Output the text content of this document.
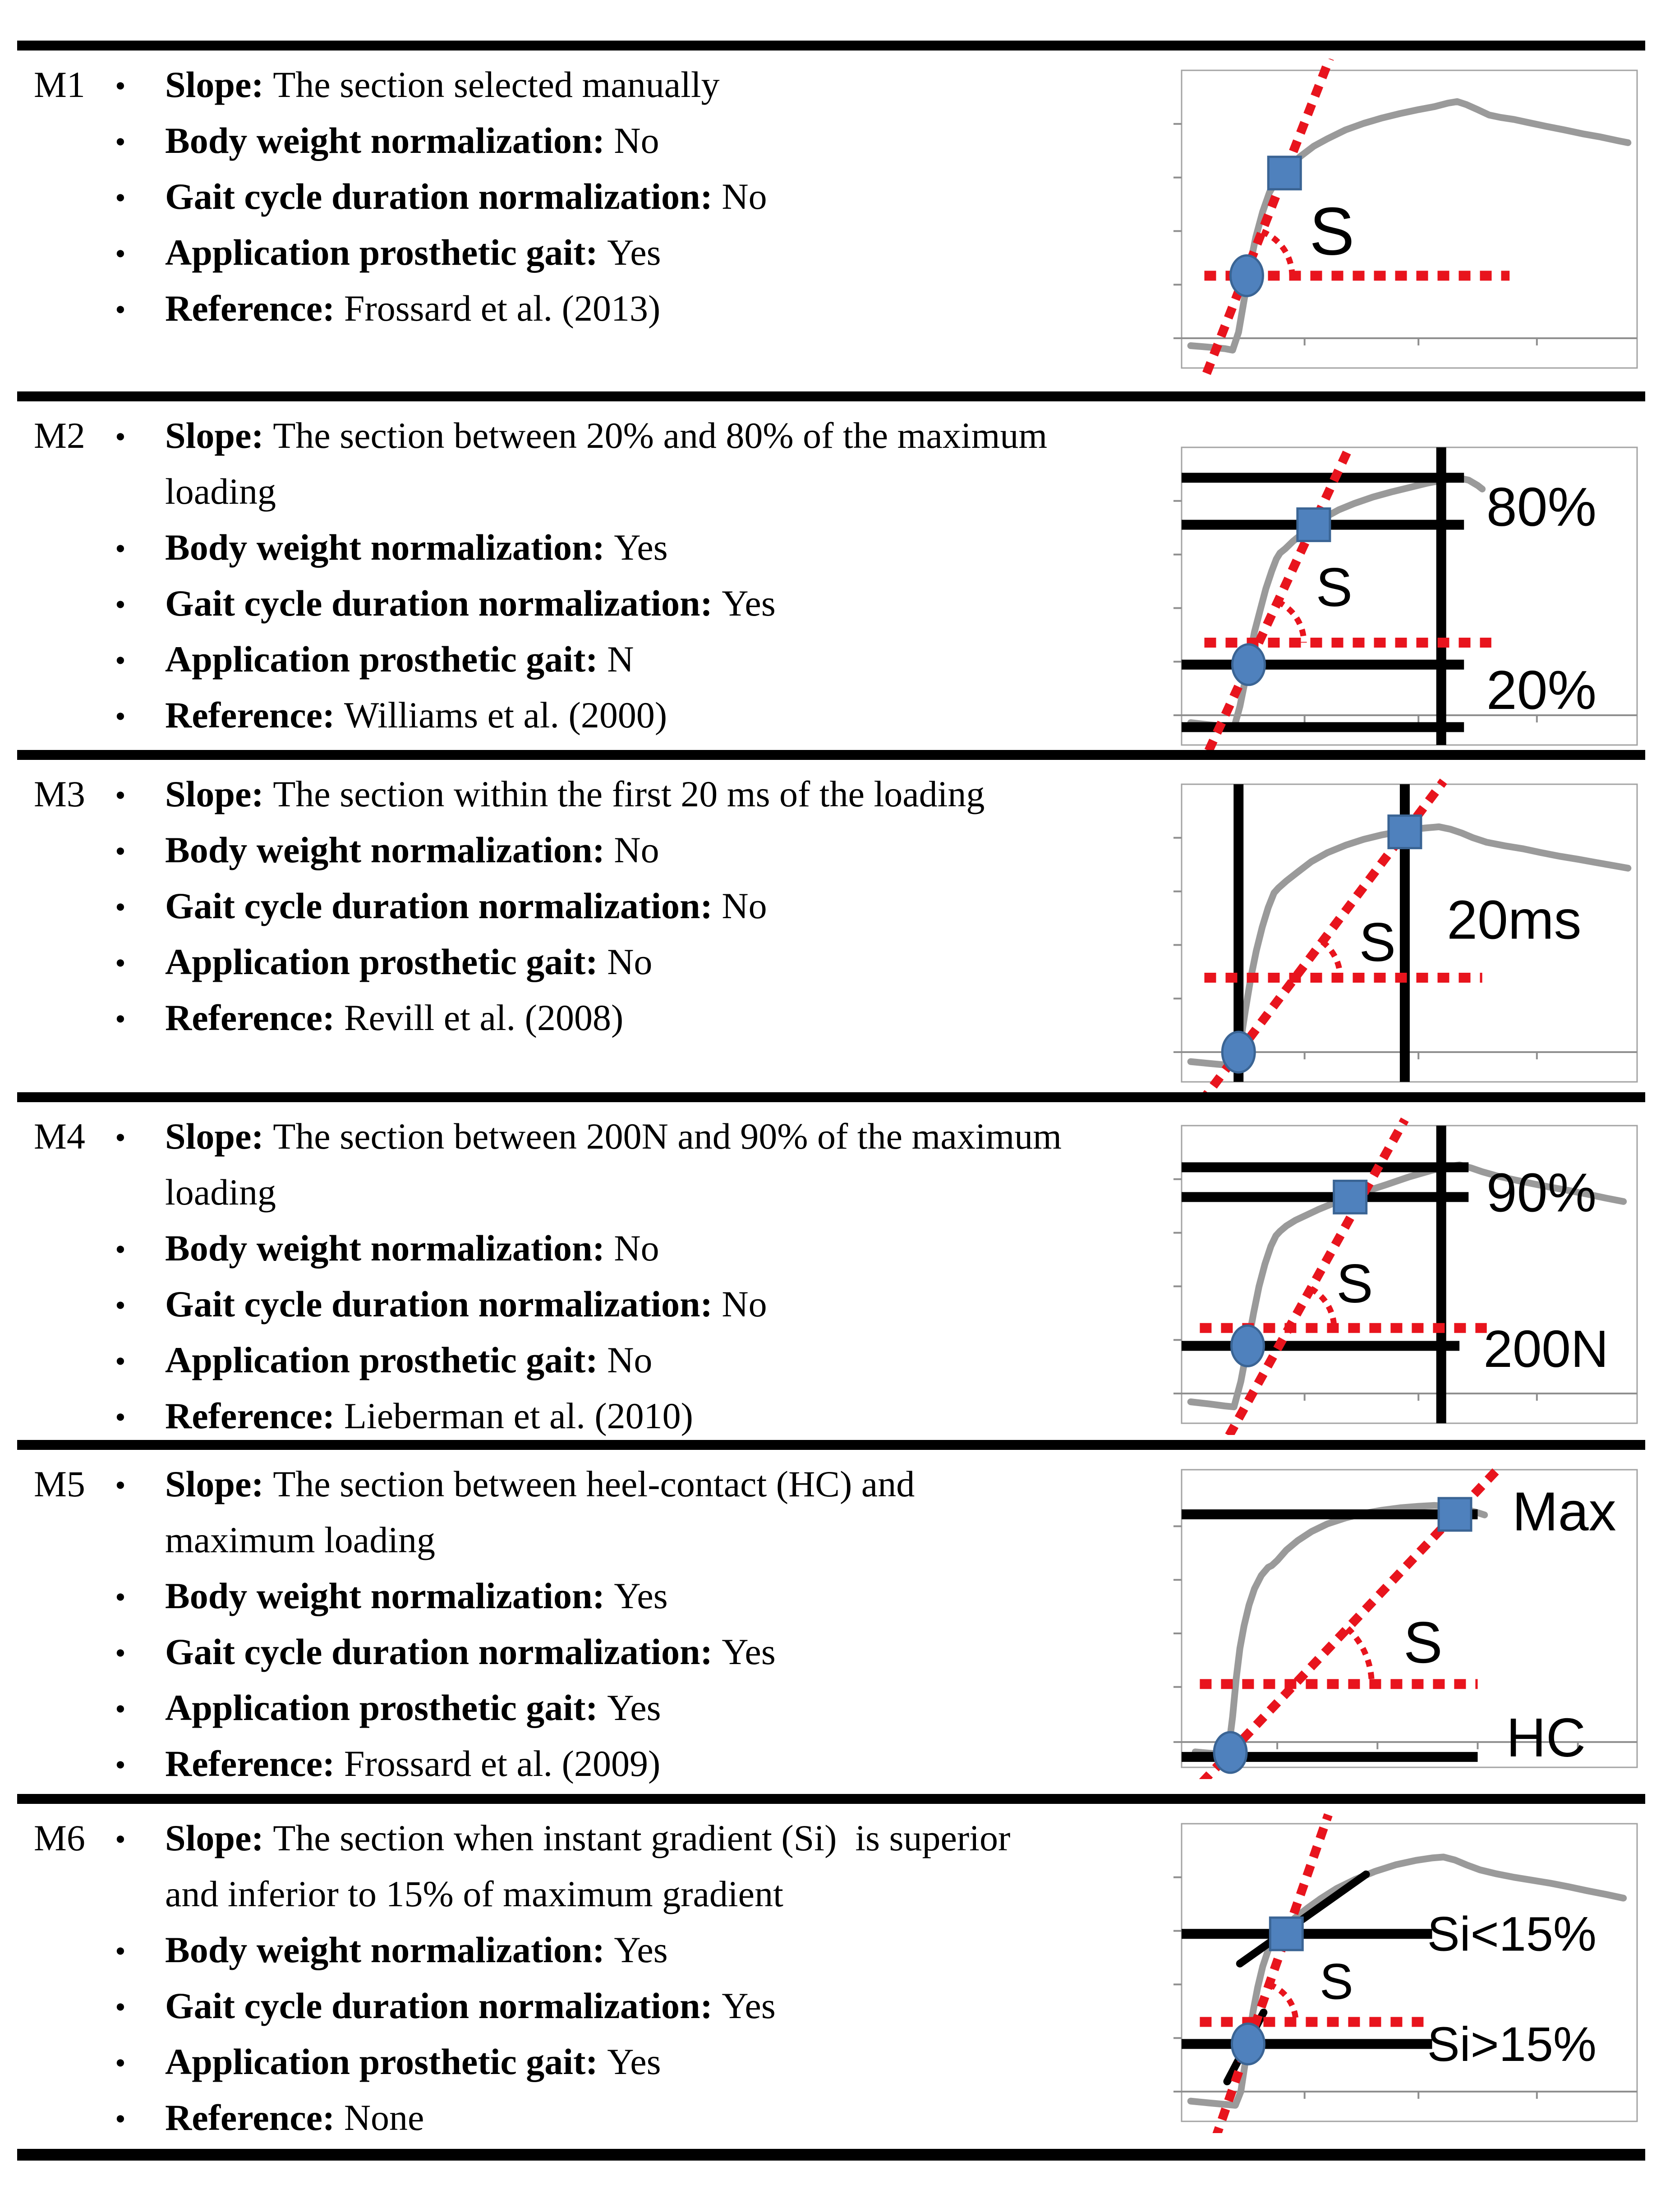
M1	• Slope: The section selected manually
• Body weight normalization: No
• Gait cycle duration normalization: No
• Application prosthetic gait: Yes
• Reference: Frossard et al. (2013)
S
M2	• Slope: The section between 20% and 80% of the maximum
loading
• Body weight normalization: Yes
• Gait cycle duration normalization: Yes
• Application prosthetic gait: N
• Reference: Williams et al. (2000)
80%
20%
S
M3	• Slope: The section within the first 20 ms of the loading
• Body weight normalization: No
• Gait cycle duration normalization: No
• Application prosthetic gait: No
• Reference: Revill et al. (2008)
20ms
S
M4	• Slope: The section between 200N and 90% of the maximum
loading
• Body weight normalization: No
• Gait cycle duration normalization: No
• Application prosthetic gait: No
• Reference: Lieberman et al. (2010)
90%
200N
S
M5	• Slope: The section between heel-contact (HC) and
maximum loading
• Body weight normalization: Yes
• Gait cycle duration normalization: Yes
• Application prosthetic gait: Yes
• Reference: Frossard et al. (2009)
Max
HC
S
M6	• Slope: The section when instant gradient (Si)  is superior
and inferior to 15% of maximum gradient
• Body weight normalization: Yes
• Gait cycle duration normalization: Yes
• Application prosthetic gait: Yes
• Reference: None
Si<15%
Si>15%
S
